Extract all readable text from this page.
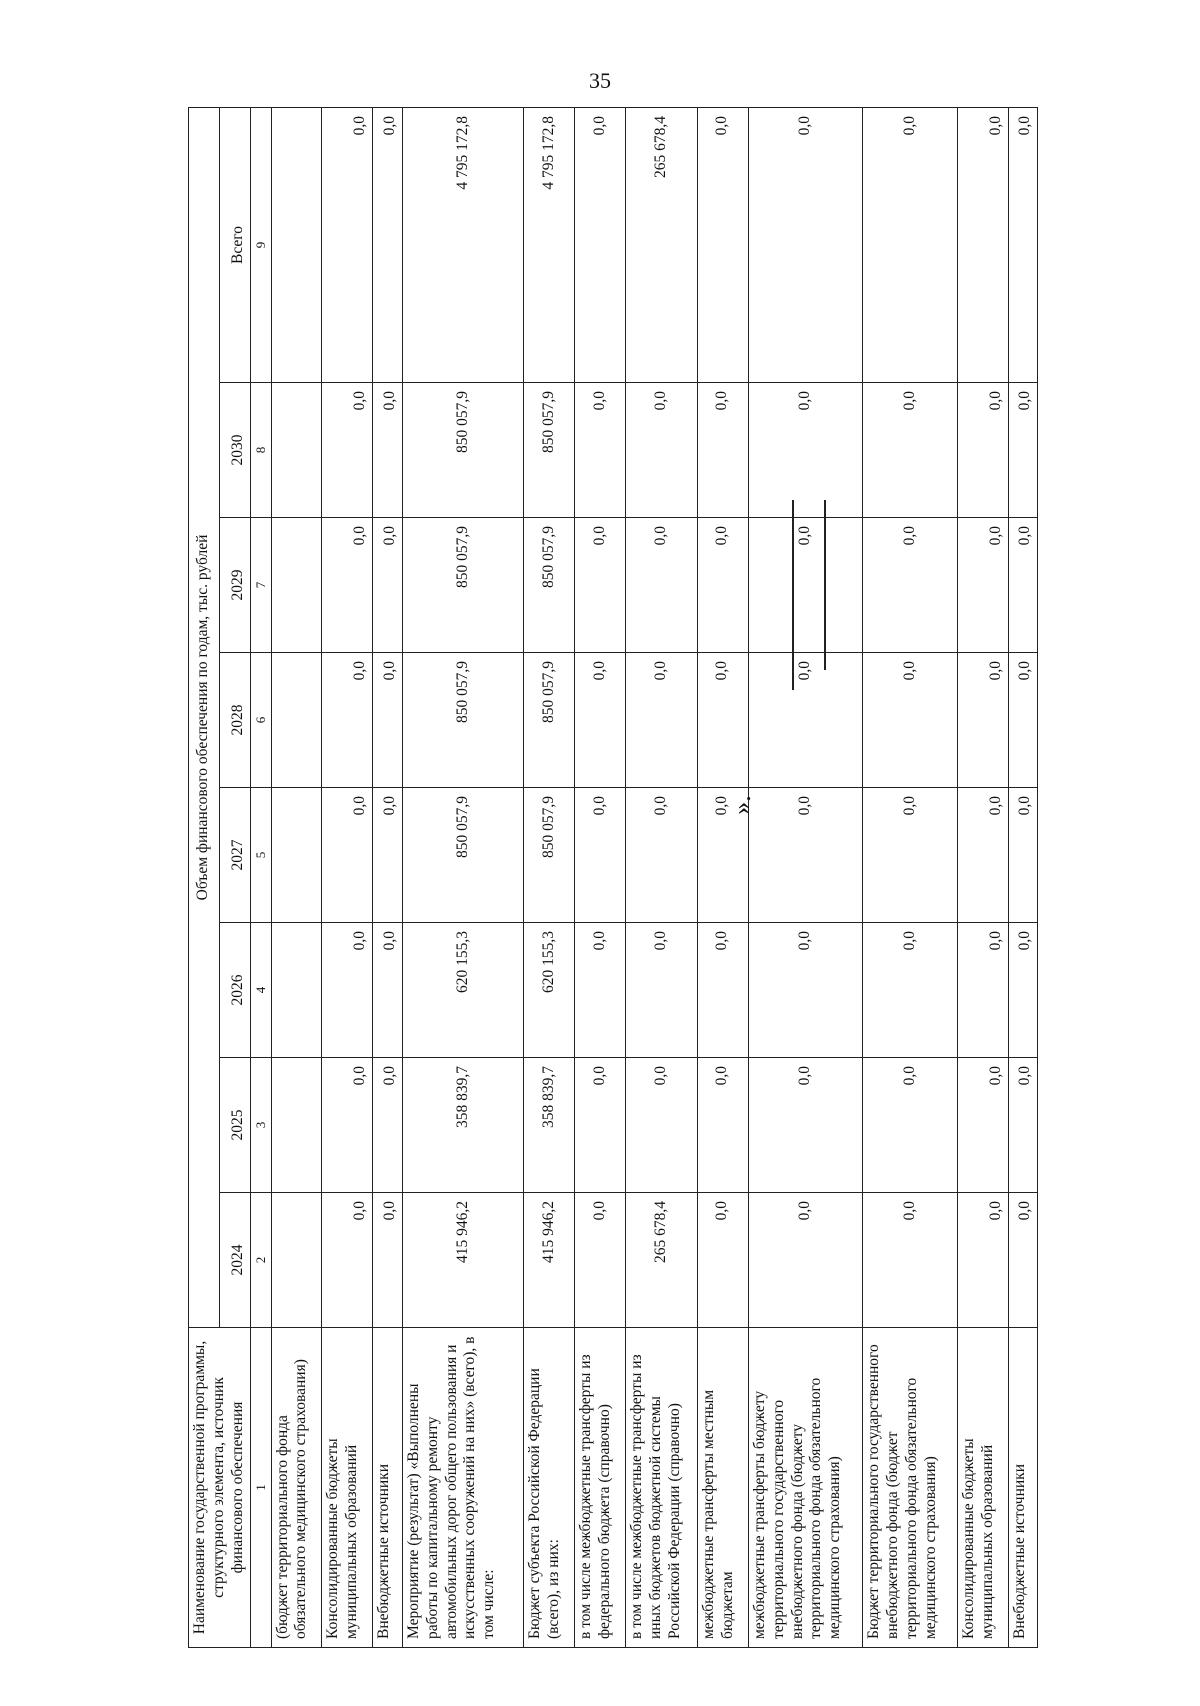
35
Наименование государственной программы, структурного элемента, источник финансового обеспечения	Объем финансового обеспечения по годам, тыс. рублей							
	2024	2025	2026	2027	2028	2029	2030	Всего
1	2	3	4	5	6	7	8	9
(бюджет территориального фонда обязательного медицинского страхования)								
Консолидированные бюджеты муниципальных образований	0,0	0,0	0,0	0,0	0,0	0,0	0,0	0,0
Внебюджетные источники	0,0	0,0	0,0	0,0	0,0	0,0	0,0	0,0
Мероприятие (результат) «Выполнены работы по капитальному ремонту автомобильных дорог общего пользования и искусственных сооружений на них» (всего), в том числе:	415 946,2	358 839,7	620 155,3	850 057,9	850 057,9	850 057,9	850 057,9	4 795 172,8
Бюджет субъекта Российской Федерации (всего), из них:	415 946,2	358 839,7	620 155,3	850 057,9	850 057,9	850 057,9	850 057,9	4 795 172,8
в том числе межбюджетные трансферты из федерального бюджета (справочно)	0,0	0,0	0,0	0,0	0,0	0,0	0,0	0,0
в том числе межбюджетные трансферты из иных бюджетов бюджетной системы Российской Федерации (справочно)	265 678,4	0,0	0,0	0,0	0,0	0,0	0,0	265 678,4
межбюджетные трансферты местным бюджетам	0,0	0,0	0,0	0,0	0,0	0,0	0,0	0,0
межбюджетные трансферты бюджету территориального государственного внебюджетного фонда (бюджету территориального фонда обязательного медицинского страхования)	0,0	0,0	0,0	0,0	0,0	0,0	0,0	0,0
Бюджет территориального государственного внебюджетного фонда (бюджет территориального фонда обязательного медицинского страхования)	0,0	0,0	0,0	0,0	0,0	0,0	0,0	0,0
Консолидированные бюджеты муниципальных образований	0,0	0,0	0,0	0,0	0,0	0,0	0,0	0,0
Внебюджетные источники	0,0	0,0	0,0	0,0	0,0	0,0	0,0	0,0
».
